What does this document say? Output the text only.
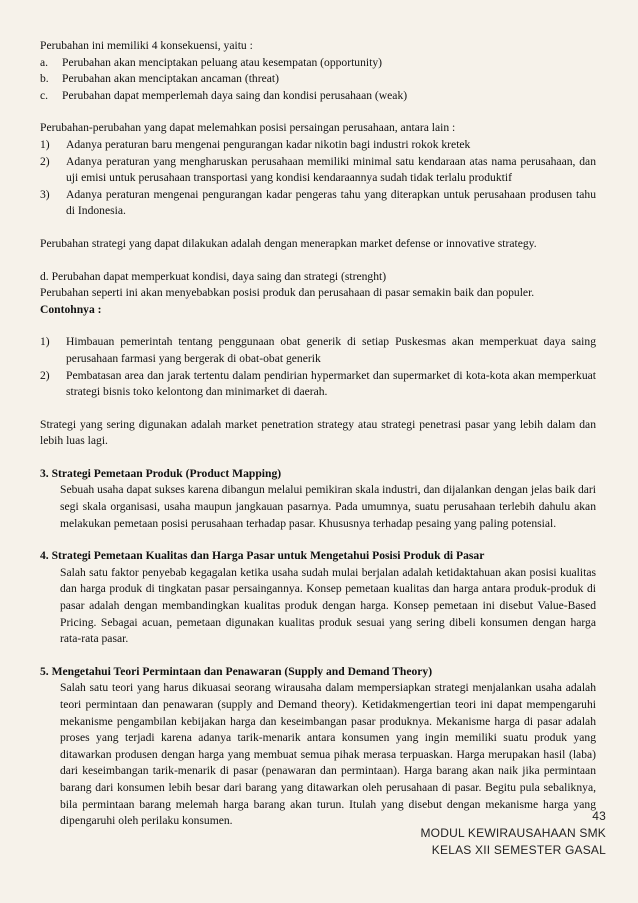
Perubahan ini memiliki 4 konsekuensi, yaitu :

a.	Perubahan akan menciptakan peluang atau kesempatan (opportunity)
b.	Perubahan akan menciptakan ancaman (threat)
c.	Perubahan dapat memperlemah daya saing dan kondisi perusahaan (weak)

Perubahan-perubahan yang dapat melemahkan posisi persaingan perusahaan, antara lain :

1)	Adanya peraturan baru mengenai pengurangan kadar nikotin bagi industri rokok kretek
2)	Adanya peraturan yang mengharuskan perusahaan memiliki minimal satu kendaraan atas nama perusahaan, dan uji emisi untuk perusahaan transportasi yang kondisi kendaraannya sudah tidak terlalu produktif
3)	Adanya peraturan mengenai pengurangan kadar pengeras tahu yang diterapkan untuk perusahaan produsen tahu di Indonesia.

Perubahan strategi yang dapat dilakukan adalah dengan menerapkan market defense or innovative strategy.

d. Perubahan dapat memperkuat kondisi, daya saing dan strategi (strenght)

Perubahan seperti ini akan menyebabkan posisi produk dan perusahaan di pasar semakin baik dan populer.

Contohnya :

1)	Himbauan pemerintah tentang penggunaan obat generik di setiap Puskesmas akan memperkuat daya saing perusahaan farmasi yang bergerak di obat-obat generik
2)	Pembatasan area dan jarak tertentu dalam pendirian hypermarket dan supermarket di kota-kota akan memperkuat strategi bisnis toko kelontong dan minimarket di daerah.

Strategi yang sering digunakan adalah market penetration strategy atau strategi penetrasi pasar yang lebih dalam dan lebih luas lagi.

3. Strategi Pemetaan Produk (Product Mapping)

Sebuah usaha dapat sukses karena dibangun melalui pemikiran skala industri, dan dijalankan dengan jelas baik dari segi skala organisasi, usaha maupun jangkauan pasarnya. Pada umumnya, suatu perusahaan terlebih dahulu akan melakukan pemetaan posisi perusahaan terhadap pasar. Khususnya terhadap pesaing yang paling potensial.

4. Strategi Pemetaan Kualitas dan Harga Pasar untuk Mengetahui Posisi Produk di Pasar

Salah satu faktor penyebab kegagalan ketika usaha sudah mulai berjalan adalah ketidaktahuan akan posisi kualitas dan harga produk di tingkatan pasar persaingannya. Konsep pemetaan kualitas dan harga antara produk-produk di pasar adalah dengan membandingkan kualitas produk dengan harga. Konsep pemetaan ini disebut Value-Based Pricing. Sebagai acuan, pemetaan digunakan kualitas produk sesuai yang sering dibeli konsumen dengan harga rata-rata pasar.

5. Mengetahui Teori Permintaan dan Penawaran (Supply and Demand Theory)

Salah satu teori yang harus dikuasai seorang wirausaha dalam mempersiapkan strategi menjalankan usaha adalah teori permintaan dan penawaran (supply and Demand theory). Ketidakmengertian teori ini dapat mempengaruhi mekanisme pengambilan kebijakan harga dan keseimbangan pasar produknya. Mekanisme harga di pasar adalah proses yang terjadi karena adanya tarik-menarik antara konsumen yang ingin memiliki suatu produk yang ditawarkan produsen dengan harga yang membuat semua pihak merasa terpuaskan. Harga merupakan hasil (laba) dari keseimbangan tarik-menarik di pasar (penawaran dan permintaan). Harga barang akan naik jika permintaan barang dari konsumen lebih besar dari barang yang ditawarkan oleh perusahaan di pasar. Begitu pula sebaliknya, bila permintaan barang melemah harga barang akan turun. Itulah yang disebut dengan mekanisme harga yang dipengaruhi oleh perilaku konsumen.	43
MODUL KEWIRAUSAHAAN SMK
KELAS XII SEMESTER GASAL
